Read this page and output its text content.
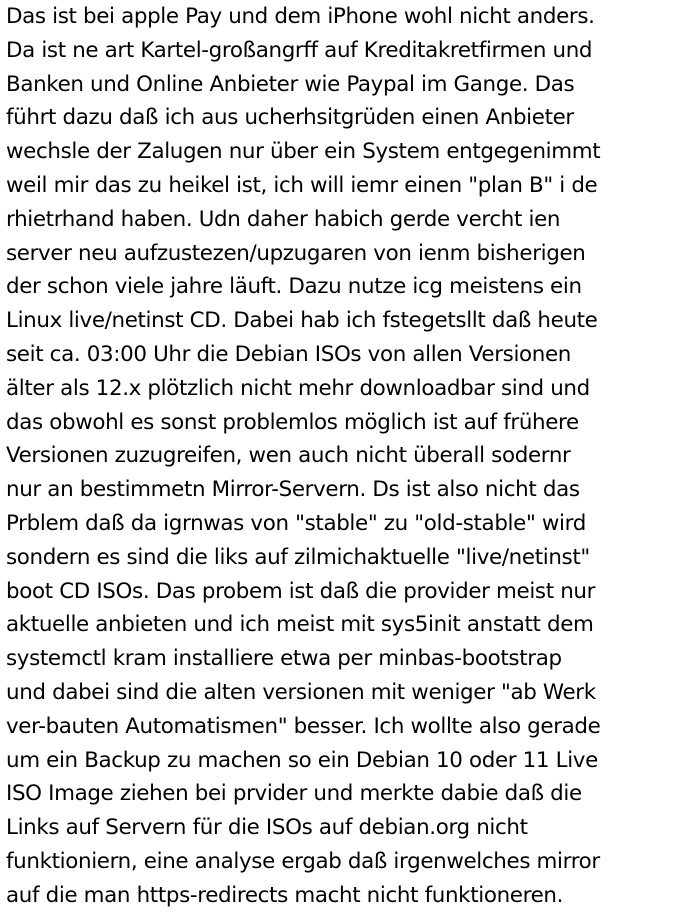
Das ist bei apple Pay und dem iPhone wohl nicht anders.
Da ist ne art Kartel-großangrff auf Kreditakretfirmen und
Banken und Online Anbieter wie Paypal im Gange. Das
führt dazu daß ich aus ucherhsitgrüden einen Anbieter
wechsle der Zalugen nur über ein System entgegenimmt
weil mir das zu heikel ist, ich will iemr einen "plan B" i de
rhietrhand haben. Udn daher habich gerde vercht ien
server neu aufzustezen/upzugaren von ienm bisherigen
der schon viele jahre läuft. Dazu nutze icg meistens ein
Linux live/netinst CD. Dabei hab ich fstegetsllt daß heute
seit ca. 03:00 Uhr die Debian ISOs von allen Versionen
älter als 12.x plötzlich nicht mehr downloadbar sind und
das obwohl es sonst problemlos möglich ist auf frühere
Versionen zuzugreifen, wen auch nicht überall sodernr
nur an bestimmetn Mirror-Servern. Ds ist also nicht das
Prblem daß da igrnwas von "stable" zu "old-stable" wird
sondern es sind die liks auf zilmichaktuelle "live/netinst"
boot CD ISOs. Das probem ist daß die provider meist nur
aktuelle anbieten und ich meist mit sys5init anstatt dem
systemctl kram installiere etwa per minbas-bootstrap
und dabei sind die alten versionen mit weniger "ab Werk
ver-bauten Automatismen" besser. Ich wollte also gerade
um ein Backup zu machen so ein Debian 10 oder 11 Live
ISO Image ziehen bei prvider und merkte dabie daß die
Links auf Servern für die ISOs auf debian.org nicht
funktioniern, eine analyse ergab daß irgenwelches mirror
auf die man https-redirects macht nicht funktioneren.
